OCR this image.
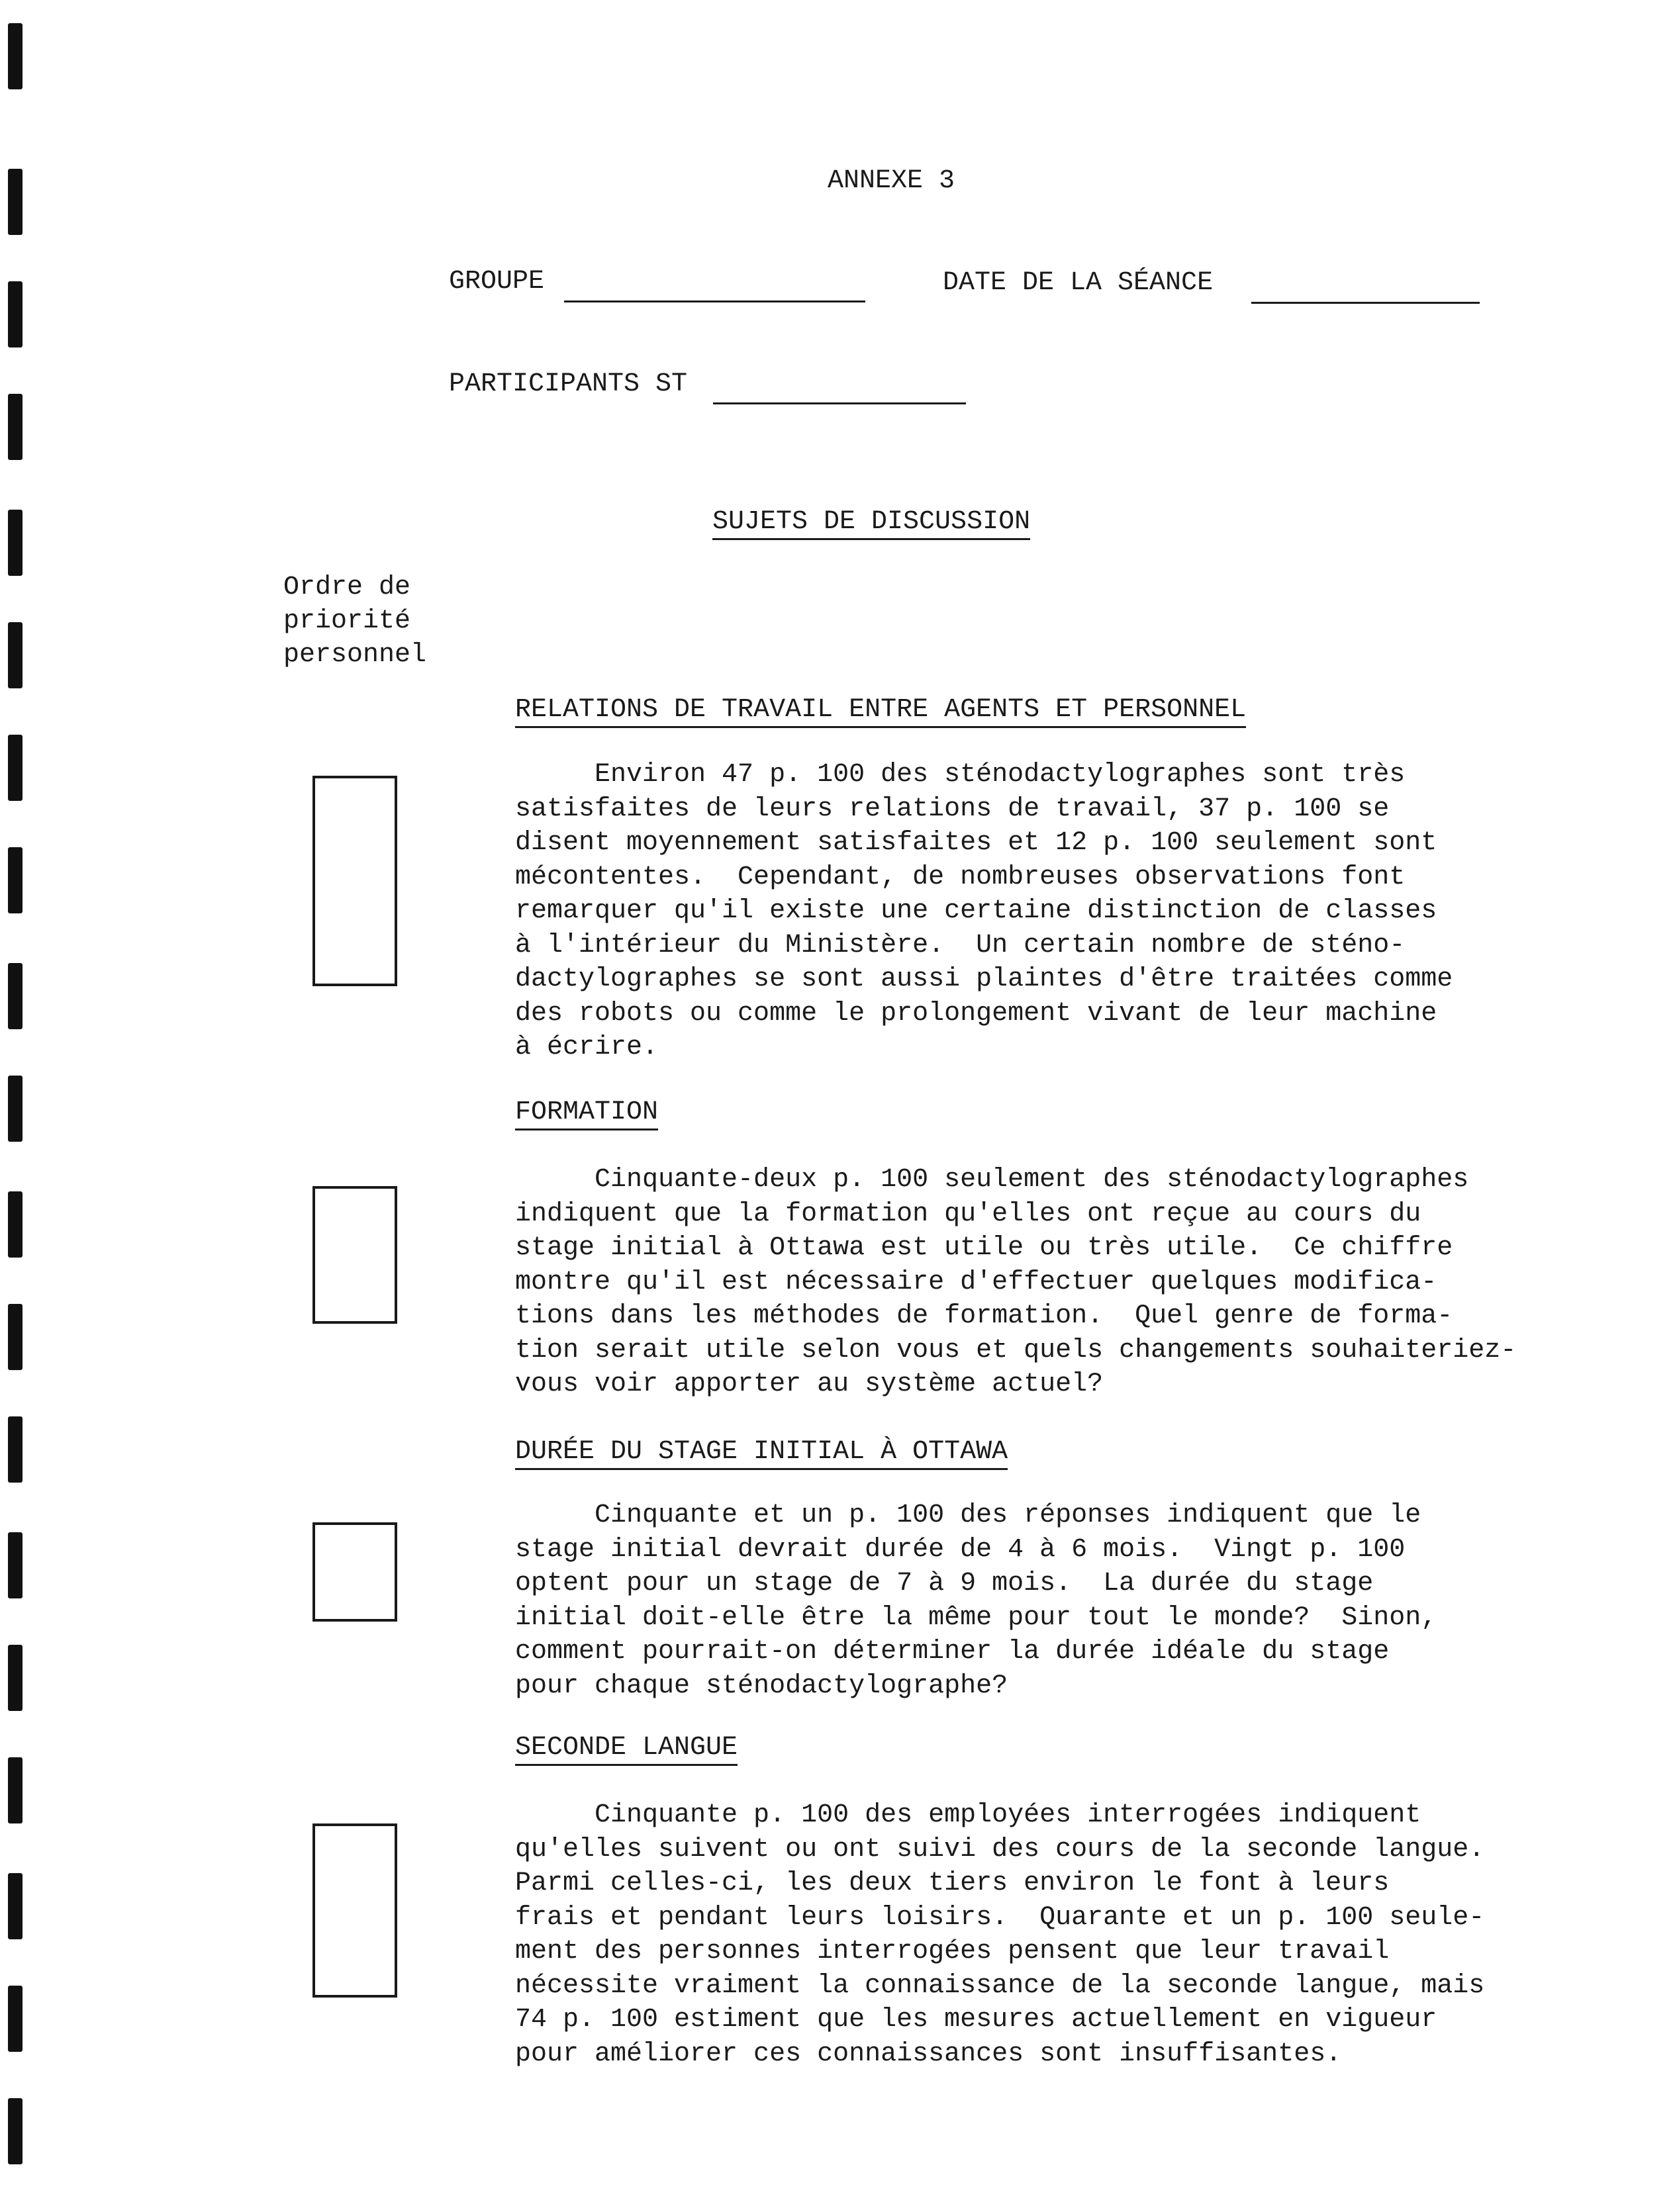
ANNEXE 3
GROUPE	DATE DE LA SÉANCE
PARTICIPANTS ST
SUJETS DE DISCUSSION
Ordre de
priorité
personnel
RELATIONS DE TRAVAIL ENTRE AGENTS ET PERSONNEL
Environ 47 p. 100 des sténodactylographes sont très
satisfaites de leurs relations de travail, 37 p. 100 se
disent moyennement satisfaites et 12 p. 100 seulement sont
mécontentes.  Cependant, de nombreuses observations font
remarquer qu'il existe une certaine distinction de classes
à l'intérieur du Ministère.  Un certain nombre de sténo-
dactylographes se sont aussi plaintes d'être traitées comme
des robots ou comme le prolongement vivant de leur machine
à écrire.
FORMATION
Cinquante-deux p. 100 seulement des sténodactylographes
indiquent que la formation qu'elles ont reçue au cours du
stage initial à Ottawa est utile ou très utile.  Ce chiffre
montre qu'il est nécessaire d'effectuer quelques modifica-
tions dans les méthodes de formation.  Quel genre de forma-
tion serait utile selon vous et quels changements souhaiteriez-
vous voir apporter au système actuel?
DURÉE DU STAGE INITIAL À OTTAWA
Cinquante et un p. 100 des réponses indiquent que le
stage initial devrait durée de 4 à 6 mois.  Vingt p. 100
optent pour un stage de 7 à 9 mois.  La durée du stage
initial doit-elle être la même pour tout le monde?  Sinon,
comment pourrait-on déterminer la durée idéale du stage
pour chaque sténodactylographe?
SECONDE LANGUE
Cinquante p. 100 des employées interrogées indiquent
qu'elles suivent ou ont suivi des cours de la seconde langue.
Parmi celles-ci, les deux tiers environ le font à leurs
frais et pendant leurs loisirs.  Quarante et un p. 100 seule-
ment des personnes interrogées pensent que leur travail
nécessite vraiment la connaissance de la seconde langue, mais
74 p. 100 estiment que les mesures actuellement en vigueur
pour améliorer ces connaissances sont insuffisantes.
